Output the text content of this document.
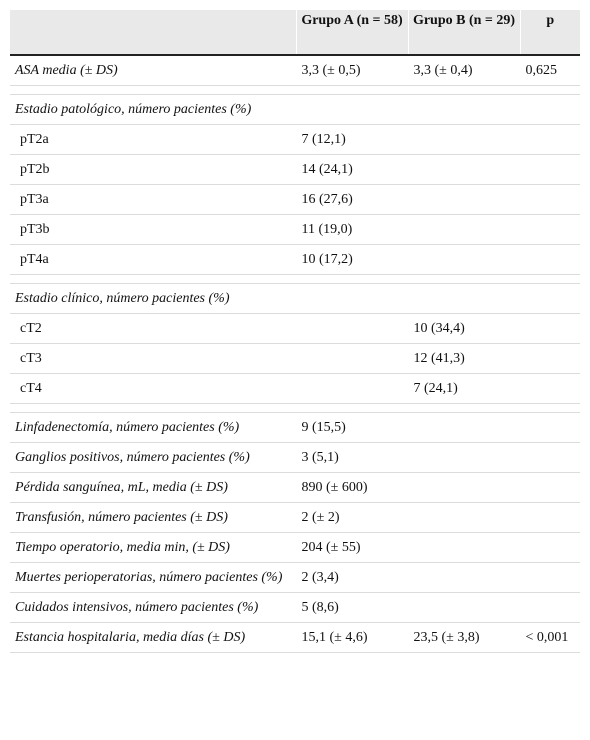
	Grupo A (n = 58)	Grupo B (n = 29)	p
ASA media (± DS)	3,3 (± 0,5)	3,3 (± 0,4)	0,625

Estadio patológico, número pacientes (%)			
pT2a	7 (12,1)		
pT2b	14 (24,1)		
pT3a	16 (27,6)		
pT3b	11 (19,0)		
pT4a	10 (17,2)		

Estadio clínico, número pacientes (%)			
cT2		10 (34,4)	
cT3		12 (41,3)	
cT4		7 (24,1)	

Linfadenectomía, número pacientes (%)	9 (15,5)		
Ganglios positivos, número pacientes (%)	3 (5,1)		
Pérdida sanguínea, mL, media (± DS)	890 (± 600)		
Transfusión, número pacientes (± DS)	2 (± 2)		
Tiempo operatorio, media min, (± DS)	204 (± 55)		
Muertes perioperatorias, número pacientes (%)	2 (3,4)		
Cuidados intensivos, número pacientes (%)	5 (8,6)		
Estancia hospitalaria, media días (± DS)	15,1 (± 4,6)	23,5 (± 3,8)	< 0,001
